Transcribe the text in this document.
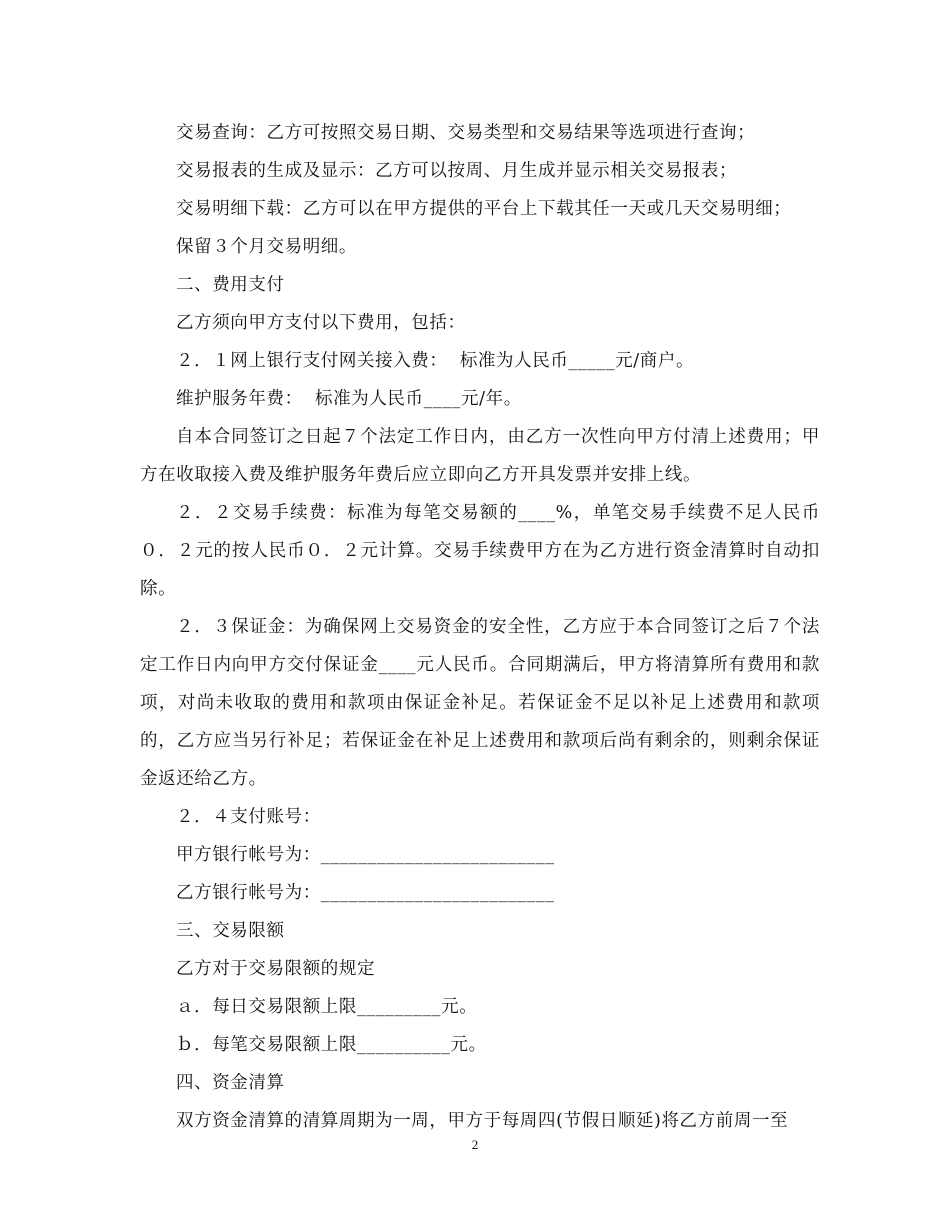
交易查询：乙方可按照交易日期、交易类型和交易结果等选项进行查询；

交易报表的生成及显示：乙方可以按周、月生成并显示相关交易报表；

交易明细下载：乙方可以在甲方提供的平台上下载其任一天或几天交易明细；

保留３个月交易明细。

二、费用支付

乙方须向甲方支付以下费用，包括：

２．１网上银行支付网关接入费：  标准为人民币_____元/商户。

维护服务年费：  标准为人民币____元/年。

自本合同签订之日起７个法定工作日内，由乙方一次性向甲方付清上述费用；甲方在收取接入费及维护服务年费后应立即向乙方开具发票并安排上线。

２．２交易手续费：标准为每笔交易额的____%，单笔交易手续费不足人民币０．２元的按人民币０．２元计算。交易手续费甲方在为乙方进行资金清算时自动扣除。

２．３保证金：为确保网上交易资金的安全性，乙方应于本合同签订之后７个法定工作日内向甲方交付保证金____元人民币。合同期满后，甲方将清算所有费用和款项，对尚未收取的费用和款项由保证金补足。若保证金不足以补足上述费用和款项的，乙方应当另行补足；若保证金在补足上述费用和款项后尚有剩余的，则剩余保证金返还给乙方。

２．４支付账号：

甲方银行帐号为：_________________________

乙方银行帐号为：_________________________

三、交易限额

乙方对于交易限额的规定

ａ．每日交易限额上限_________元。

ｂ．每笔交易限额上限__________元。

四、资金清算

双方资金清算的清算周期为一周，甲方于每周四(节假日顺延)将乙方前周一至

2
